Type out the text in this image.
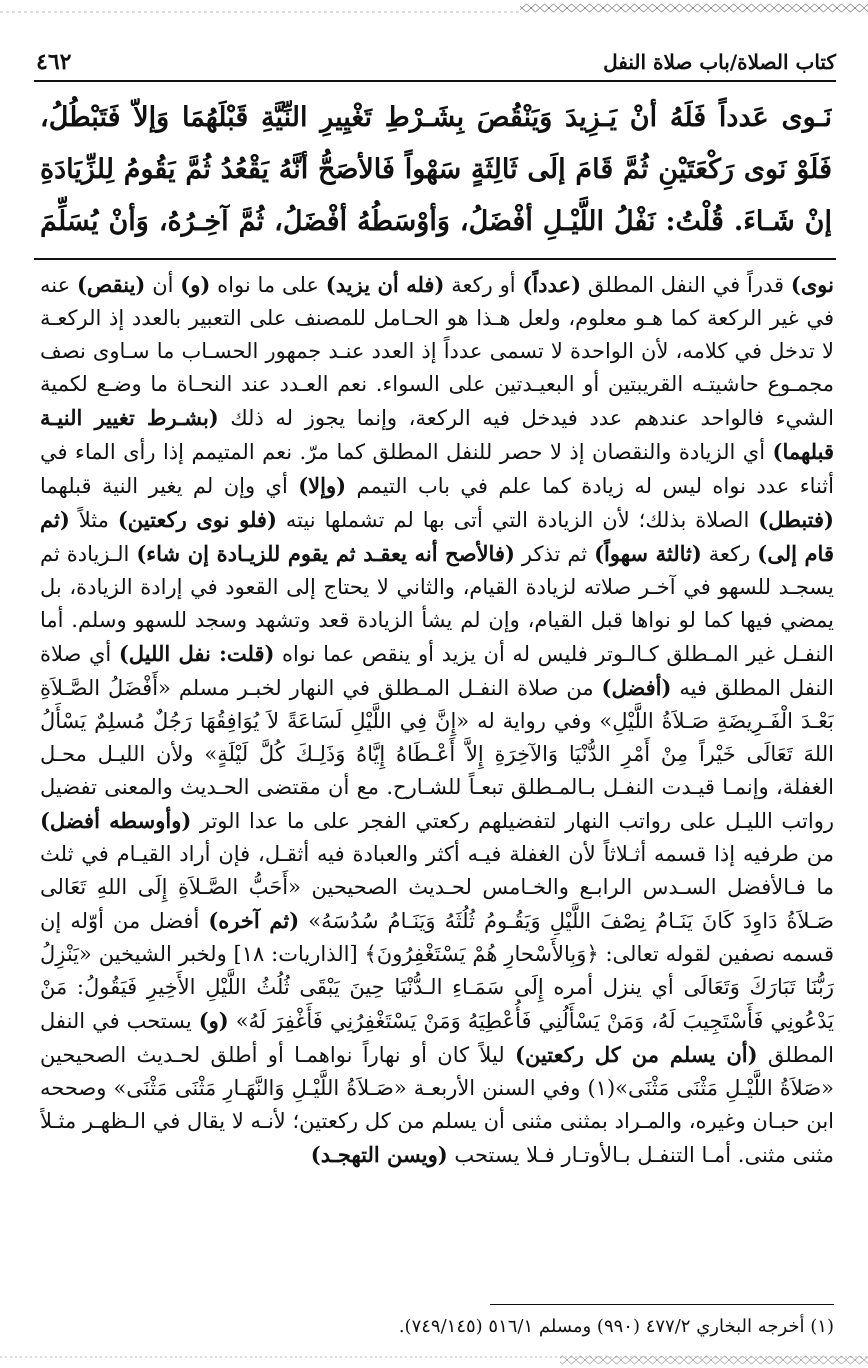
كتاب الصلاة/باب صلاة النفل
٤٦٢
نَـوى عَدداً فَلَهُ أنْ يَـزِيدَ وَيَنْقُصَ بِشَـرْطِ تَغْيِيرِ النِّيَّةِ قَبْلَهُمَا وَإلاّ فَتَبْطُلُ، فَلَوْ نَوى رَكْعَتَيْنِ ثُمَّ قَامَ إلَى ثَالِثَةٍ سَهْواً فَالأصَحُّ أنَّهُ يَقْعُدُ ثُمَّ يَقُومُ لِلزِّيَادَةِ إنْ شَـاءَ. قُلْتُ: نَفْلُ اللَّيْـلِ أفْضَلُ، وَأوْسَطُهُ أفْضَلُ، ثُمَّ آخِـرُهُ، وَأنْ يُسَلِّمَ

نوى) قدراً في النفل المطلق (عدداً) أو ركعة (فله أن يزيد) على ما نواه (و) أن (ينقص) عنه في غير الركعة كما هـو معلوم، ولعل هـذا هو الحـامل للمصنف على التعبير بالعدد إذ الركعـة لا تدخل في كلامه، لأن الواحدة لا تسمى عدداً إذ العدد عنـد جمهور الحسـاب ما سـاوى نصف مجمـوع حاشيتـه القريبتين أو البعيـدتين على السواء. نعم العـدد عند النحـاة ما وضـع لكمية الشيء فالواحد عندهم عدد فيدخل فيه الركعة، وإنما يجوز له ذلك (بشـرط تغيير النيـة قبلهما) أي الزيادة والنقصان إذ لا حصر للنفل المطلق كما مرّ. نعم المتيمم إذا رأى الماء في أثناء عدد نواه ليس له زيادة كما علم في باب التيمم (وإلا) أي وإن لم يغير النية قبلهما (فتبطل) الصلاة بذلك؛ لأن الزيادة التي أتى بها لم تشملها نيته (فلو نوى ركعتين) مثلاً (ثم قام إلى) ركعة (ثالثة سهواً) ثم تذكر (فالأصح أنه يعقـد ثم يقوم للزيـادة إن شاء) الـزيادة ثم يسجـد للسهو في آخـر صلاته لزيادة القيام، والثاني لا يحتاج إلى القعود في إرادة الزيادة، بل يمضي فيها كما لو نواها قبل القيام، وإن لم يشأ الزيادة قعد وتشهد وسجد للسهو وسلم. أما النفـل غير المـطلق كـالـوتر فليس له أن يزيد أو ينقص عما نواه (قلت: نفل الليل) أي صلاة النفل المطلق فيه (أفضل) من صلاة النفـل المـطلق في النهار لخبـر مسلم «أَفْضَلُ الصَّـلاَةِ بَعْـدَ الْفَـرِيضَةِ صَـلاَةُ اللَّيْلِ» وفي رواية له «إِنَّ فِي اللَّيْلِ لَسَاعَةً لاَ يُوَافِقُهَا رَجُلٌ مُسلِمٌ يَسْأَلُ اللهَ تَعَالَى خَيْراً مِنْ أَمْرِ الدُّنْيَا وَالآخِرَةِ إِلاَّ أَعْـطَاهُ إِيَّاهُ وَذَلِـكَ كُلَّ لَيْلَةٍ» ولأن الليـل محـل الغفلة، وإنمـا قيـدت النفـل بـالمـطلق تبعـاً للشـارح. مع أن مقتضى الحـديث والمعنى تفضيل رواتب الليـل على رواتب النهار لتفضيلهم ركعتي الفجر على ما عدا الوتر (وأوسطه أفضل) من طرفيه إذا قسمه أثـلاثاً لأن الغفلة فيـه أكثر والعبادة فيه أثقـل، فإن أراد القيـام في ثلث ما فـالأفضل السـدس الرابـع والخـامس لحـديث الصحيحين «أَحَبُّ الصَّـلاَةِ إِلَى اللهِ تَعَالى صَـلاَةُ دَاوِدَ كَانَ يَنَـامُ نِصْفَ اللَّيْلِ وَيَقُـومُ ثُلُثَهُ وَيَنَـامُ سُدُسَهُ» (ثم آخره) أفضل من أوّله إن قسمه نصفين لقوله تعالى: ﴿وَبِالأَسْحارِ هُمْ يَسْتَغْفِرُونَ﴾ [الذاريات: ١٨] ولخبر الشيخين «يَنْزِلُ رَبُّنَا تَبَارَكَ وَتَعَالَى أي ينزل أمره إِلَى سَمَـاءِ الـدُّنْيَا حِينَ يَبْقَى ثُلُثُ اللَّيْلِ الأَخِيرِ فَيَقُولُ: مَنْ يَدْعُونِي فَأَسْتَجِيبَ لَهُ، وَمَنْ يَسْأَلُنِي فَأُعْطِيَهُ وَمَنْ يَسْتَغْفِرُنِي فَأَغْفِرَ لَهُ» (و) يستحب في النفل المطلق (أن يسلم من كل ركعتين) ليلاً كان أو نهاراً نواهمـا أو أطلق لحـديث الصحيحين «صَلاَةُ اللَّيْـلِ مَثْنَى مَثْنَى»(١) وفي السنن الأربعـة «صَـلاَةُ اللَّيْـلِ وَالنَّهَـارِ مَثْنَى مَثْنَى» وصححه ابن حبـان وغيره، والمـراد بمثنى مثنى أن يسلم من كل ركعتين؛ لأنـه لا يقال في الـظهـر مثـلاً مثنى مثنى. أمـا التنفـل بـالأوتـار فـلا يستحب (ويسن التهجـد)

(١) أخرجه البخاري ٤٧٧/٢ (٩٩٠) ومسلم ٥١٦/١ (٧٤٩/١٤٥).
